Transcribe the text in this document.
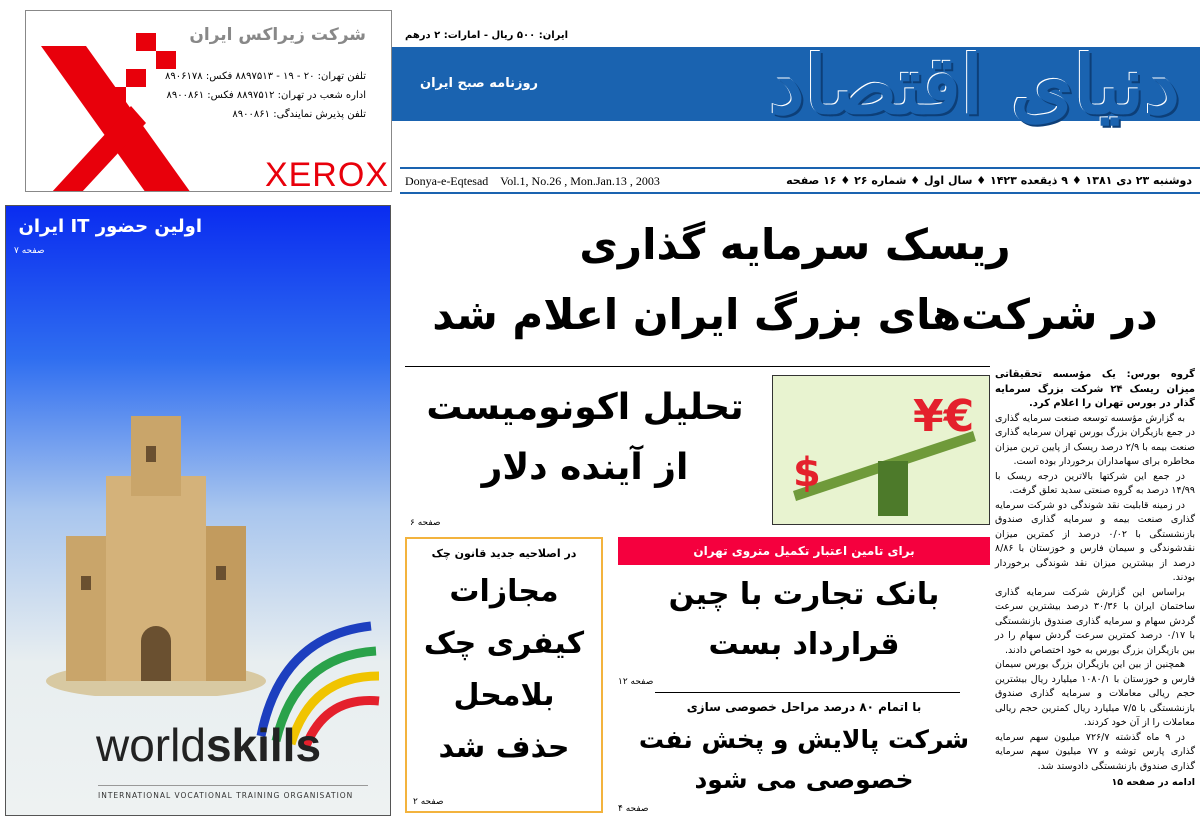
شرکت زیراکس ایران
تلفن تهران: ۲۰ - ۱۹ - ۸۸۹۷۵۱۳ فکس: ۸۹۰۶۱۷۸
اداره شعب در تهران: ۸۸۹۷۵۱۲ فکس: ۸۹۰۰۸۶۱
تلفن پذیرش نمایندگی: ۸۹۰۰۸۶۱
XEROX
ایران: ۵۰۰ ریال - امارات: ۲ درهم
دنیای اقتصاد
روزنامه صبح ایران
Donya-e-Eqtesad    Vol.1, No.26 , Mon.Jan.13 , 2003	دوشنبه ۲۳ دی ۱۳۸۱ ♦ ۹ ذیقعده ۱۴۲۳ ♦ سال اول ♦ شماره ۲۶ ♦ ۱۶ صفحه
اولین حضور IT ایران
صفحه ۷
worldskills
INTERNATIONAL VOCATIONAL TRAINING ORGANISATION
ریسک سرمایه گذاری
در شرکت‌های بزرگ ایران اعلام شد
تحلیل اکونومیست از آینده دلار
صفحه ۶
¥€
$
در اصلاحیه جدید قانون چک
مجازات
کیفری چک
بلامحل
حذف شد
صفحه ۲
برای تامین اعتبار تکمیل متروی تهران
بانک تجارت با چین
قرارداد بست
صفحه ۱۲
با اتمام ۸۰ درصد مراحل خصوصی سازی
شرکت پالایش و پخش نفت
خصوصی می شود
صفحه ۴
گروه بورس: یک مؤسسه تحقیقاتی میزان ریسک ۲۴ شرکت بزرگ سرمایه گذار در بورس تهران را اعلام کرد.

به گزارش مؤسسه توسعه صنعت سرمایه گذاری در جمع بازیگران بزرگ بورس تهران سرمایه گذاری صنعت بیمه با ۲/۹ درصد ریسک از پایین ترین میزان مخاطره برای سهامداران برخوردار بوده است.

در جمع این شرکتها بالاترین درجه ریسک با ۱۴/۹۹ درصد به گروه صنعتی سدید تعلق گرفت.

در زمینه قابلیت نقد شوندگی دو شرکت سرمایه گذاری صنعت بیمه و سرمایه گذاری صندوق بازنشستگی با ۰/۰۲ درصد از کمترین میزان نقدشوندگی و سیمان فارس و خوزستان با ۸/۸۶ درصد از بیشترین میزان نقد شوندگی برخوردار بودند.

براساس این گزارش شرکت سرمایه گذاری ساختمان ایران با ۳۰/۳۶ درصد بیشترین سرعت گردش سهام و سرمایه گذاری صندوق بازنشستگی با ۰/۱۷ درصد کمترین سرعت گردش سهام را در بین بازیگران بزرگ بورس به خود اختصاص دادند.

همچنین از بین این بازیگران بزرگ بورس سیمان فارس و خوزستان با ۱۰۸۰/۱ میلیارد ریال بیشترین حجم ریالی معاملات و سرمایه گذاری صندوق بازنشستگی با ۷/۵ میلیارد ریال کمترین حجم ریالی معاملات را از آن خود کردند.

در ۹ ماه گذشته ۷۲۶/۷ میلیون سهم سرمایه گذاری پارس توشه و ۷۷ میلیون سهم سرمایه گذاری صندوق بازنشستگی دادوستد شد.

ادامه در صفحه ۱۵
